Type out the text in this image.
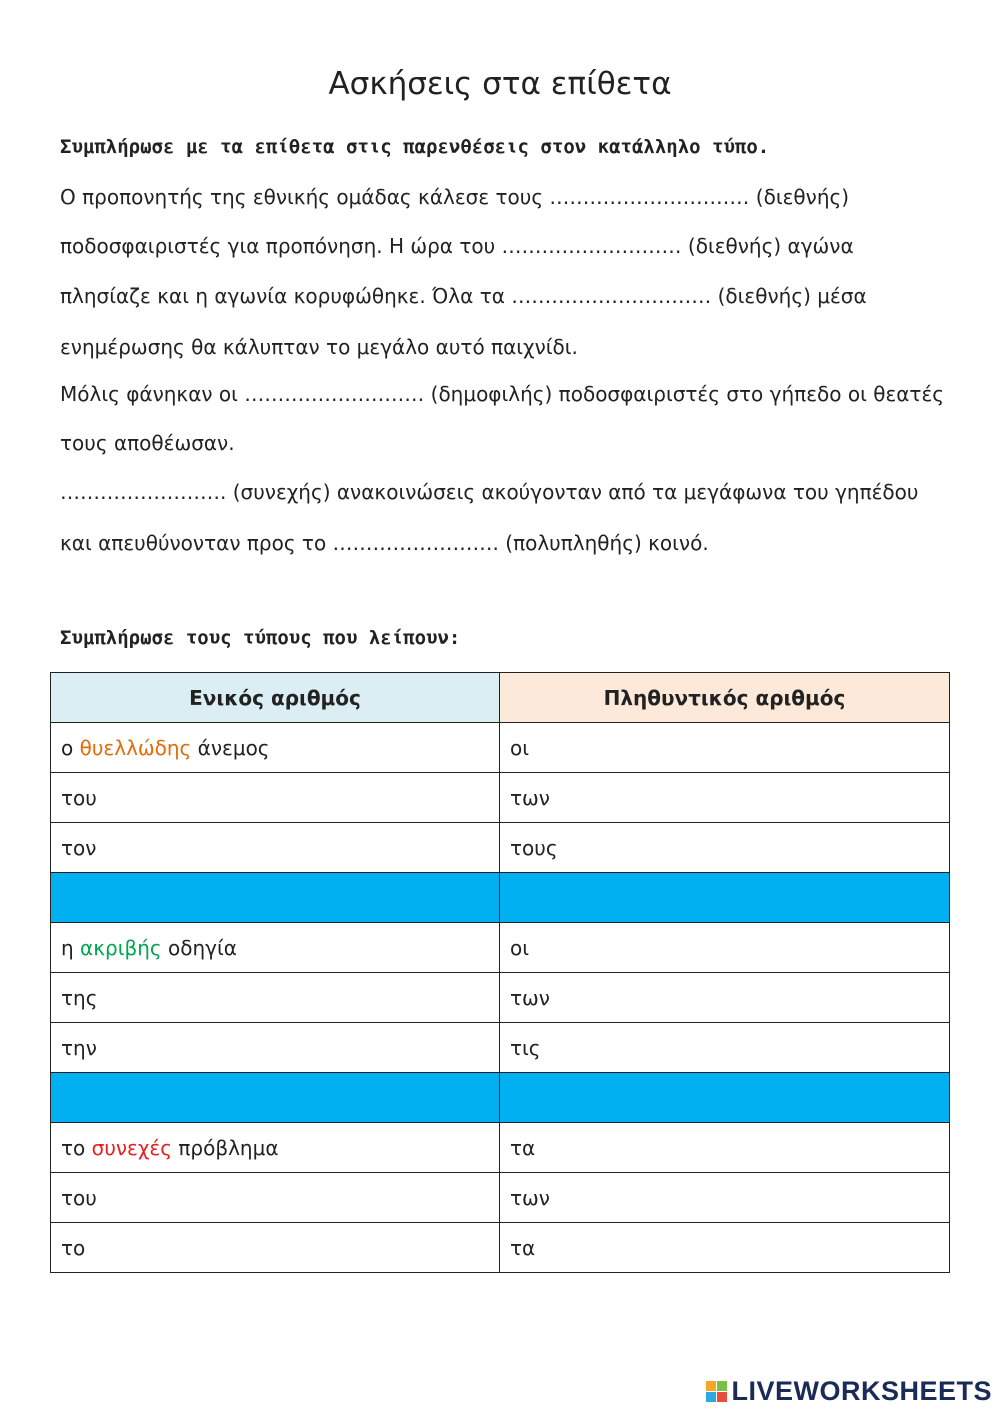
Ασκήσεις στα επίθετα

Συμπλήρωσε με τα επίθετα στις παρενθέσεις στον κατάλληλο τύπο.

Ο προπονητής της εθνικής ομάδας κάλεσε τους ………………………… (διεθνής)

ποδοσφαιριστές για προπόνηση. Η ώρα του ……………………… (διεθνής) αγώνα

πλησίαζε και η αγωνία κορυφώθηκε. Όλα τα ………………………… (διεθνής) μέσα

ενημέρωσης θα κάλυπταν το μεγάλο αυτό παιχνίδι.

Μόλις φάνηκαν οι ……………………… (δημοφιλής) ποδοσφαιριστές στο γήπεδο οι θεατές

τους αποθέωσαν.

……………………. (συνεχής) ανακοινώσεις ακούγονταν από τα μεγάφωνα του γηπέδου

και απευθύνονταν προς το ……………………. (πολυπληθής) κοινό.

Συμπλήρωσε τους τύπους που λείπουν:

Ενικός αριθμός	Πληθυντικός αριθμός
ο θυελλώδης άνεμος	οι
του	των
τον	τους

η ακριβής οδηγία	οι
της	των
την	τις

το συνεχές πρόβλημα	τα
του	των
το	τα
LIVEWORKSHEETS
